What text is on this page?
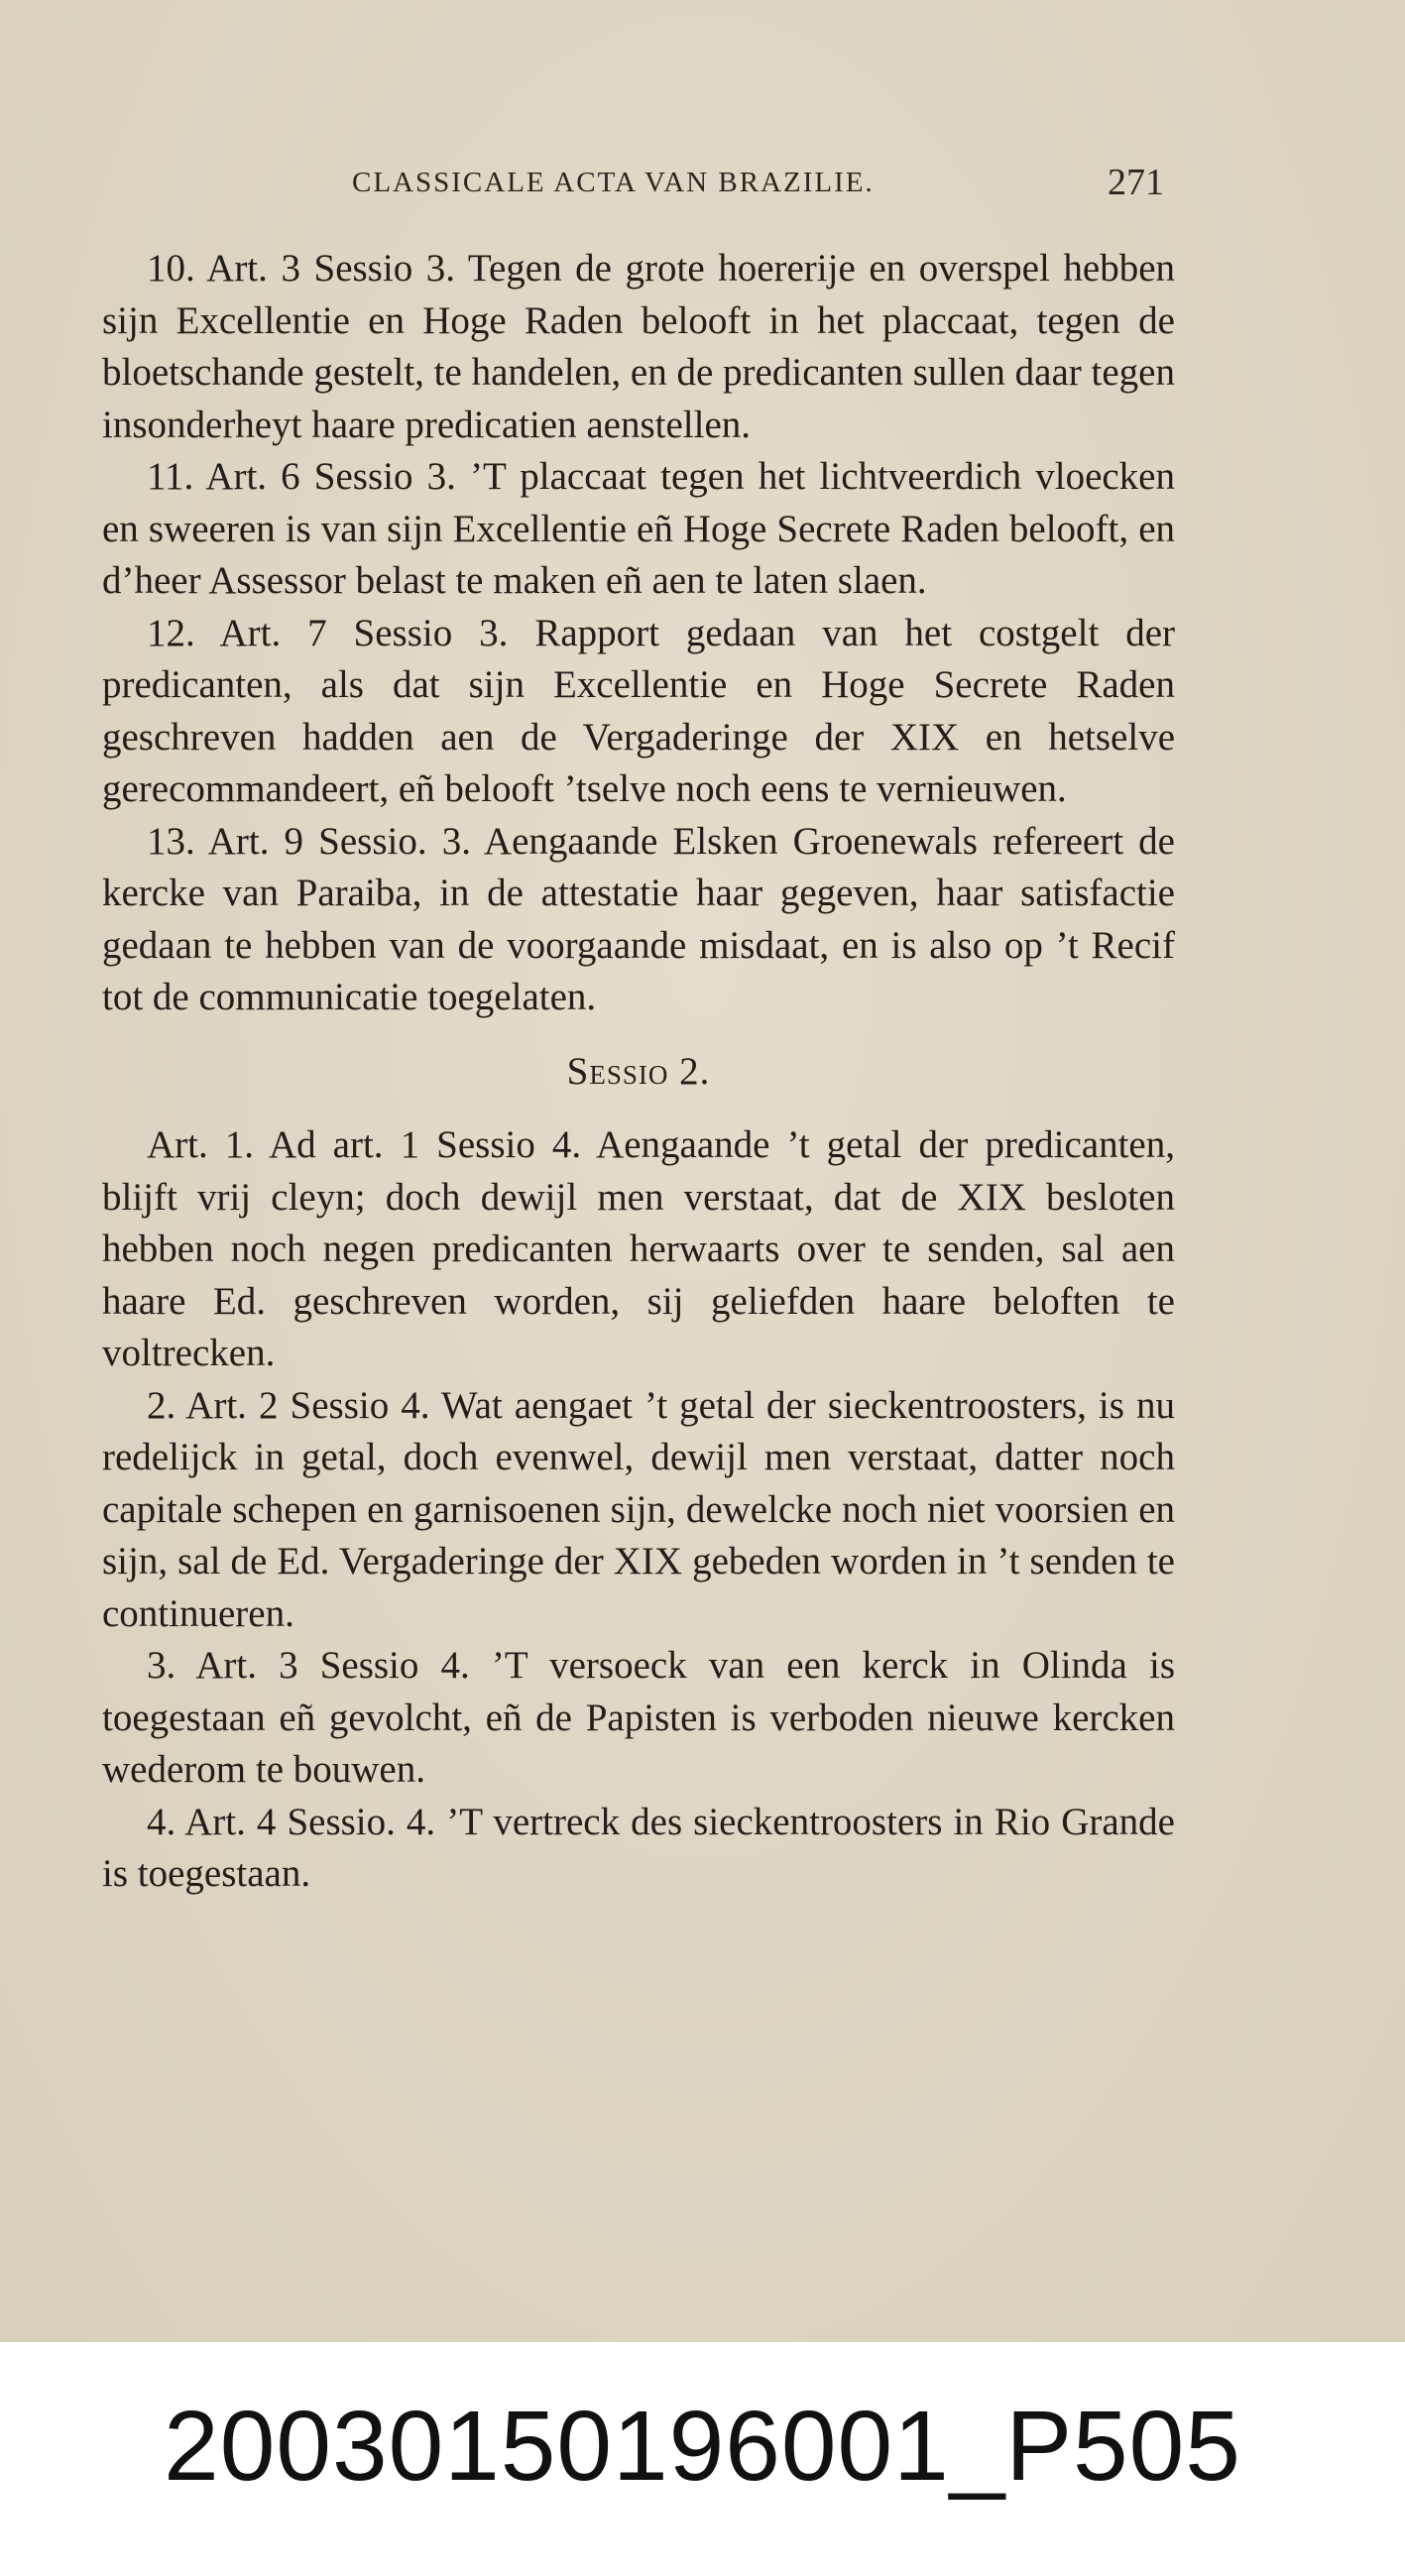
CLASSICALE ACTA VAN BRAZILIE.	271

10. Art. 3 Sessio 3. Tegen de grote hoererije en overspel hebben sijn Excellentie en Hoge Raden belooft in het placcaat, tegen de bloetschande gestelt, te handelen, en de predicanten sullen daar tegen insonderheyt haare predicatien aenstellen.

11. Art. 6 Sessio 3. ’T placcaat tegen het lichtveerdich vloecken en sweeren is van sijn Excellentie eñ Hoge Secrete Raden belooft, en d’heer Assessor belast te maken eñ aen te laten slaen.

12. Art. 7 Sessio 3. Rapport gedaan van het costgelt der predicanten, als dat sijn Excellentie en Hoge Secrete Raden geschreven hadden aen de Vergaderinge der XIX en hetselve gerecommandeert, eñ belooft ’tselve noch eens te vernieuwen.

13. Art. 9 Sessio. 3. Aengaande Elsken Groenewals refereert de kercke van Paraiba, in de attestatie haar gegeven, haar satisfactie gedaan te hebben van de voorgaande misdaat, en is also op ’t Recif tot de communicatie toegelaten.

Sessio 2.

Art. 1. Ad art. 1 Sessio 4. Aengaande ’t getal der predicanten, blijft vrij cleyn; doch dewijl men verstaat, dat de XIX besloten hebben noch negen predicanten herwaarts over te senden, sal aen haare Ed. geschreven worden, sij geliefden haare beloften te voltrecken.

2. Art. 2 Sessio 4. Wat aengaet ’t getal der sieckentroosters, is nu redelijck in getal, doch evenwel, dewijl men verstaat, datter noch capitale schepen en garnisoenen sijn, dewelcke noch niet voorsien en sijn, sal de Ed. Vergaderinge der XIX gebeden worden in ’t senden te continueren.

3. Art. 3 Sessio 4. ’T versoeck van een kerck in Olinda is toegestaan eñ gevolcht, eñ de Papisten is verboden nieuwe kercken wederom te bouwen.

4. Art. 4 Sessio. 4. ’T vertreck des sieckentroosters in Rio Grande is toegestaan.

20030150196001_P505
